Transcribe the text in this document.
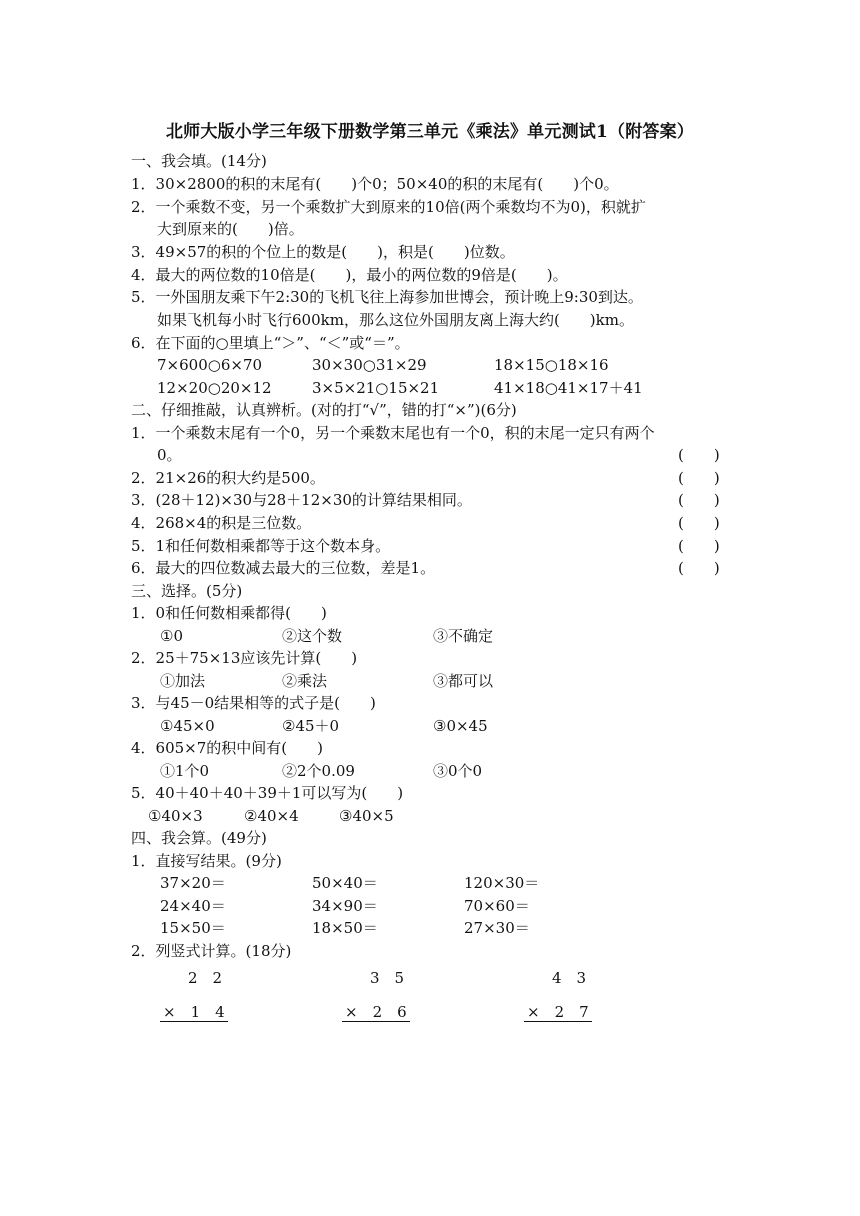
北师大版小学三年级下册数学第三单元《乘法》单元测试1（附答案）
一、我会填。(14分)
1．30×2800的积的末尾有(　　)个0；50×40的积的末尾有(　　)个0。
2．一个乘数不变，另一个乘数扩大到原来的10倍(两个乘数均不为0)，积就扩
大到原来的(　　)倍。
3．49×57的积的个位上的数是(　　)，积是(　　)位数。
4．最大的两位数的10倍是(　　)，最小的两位数的9倍是(　　)。
5．一外国朋友乘下午2:30的飞机飞往上海参加世博会，预计晚上9:30到达。
如果飞机每小时飞行600km，那么这位外国朋友离上海大约(　　)km。
6．在下面的○里填上“＞”、“＜”或“＝”。
7×600○6×70	30×30○31×29	18×15○18×16
12×20○20×12	3×5×21○15×21	41×18○41×17＋41
二、仔细推敲，认真辨析。(对的打“√”，错的打“×”)(6分)
1．一个乘数末尾有一个0，另一个乘数末尾也有一个0，积的末尾一定只有两个
0。	(　　)
2．21×26的积大约是500。	(　　)
3．(28＋12)×30与28＋12×30的计算结果相同。	(　　)
4．268×4的积是三位数。	(　　)
5．1和任何数相乘都等于这个数本身。	(　　)
6．最大的四位数减去最大的三位数，差是1。	(　　)
三、选择。(5分)
1．0和任何数相乘都得(　　)
①0	②这个数	③不确定
2．25＋75×13应该先计算(　　)
①加法	②乘法	③都可以
3．与45－0结果相等的式子是(　　)
①45×0	②45＋0	③0×45
4．605×7的积中间有(　　)
①1个0	②2个0.09	③0个0
5．40＋40＋40＋39＋1可以写为(　　)
①40×3	②40×4	③40×5
四、我会算。(49分)
1．直接写结果。(9分)
37×20＝	50×40＝	120×30＝
24×40＝	34×90＝	70×60＝
15×50＝	18×50＝	27×30＝
2．列竖式计算。(18分)
2　2
×　1　4
3　5
×　2　6
4　3
×　2　7
